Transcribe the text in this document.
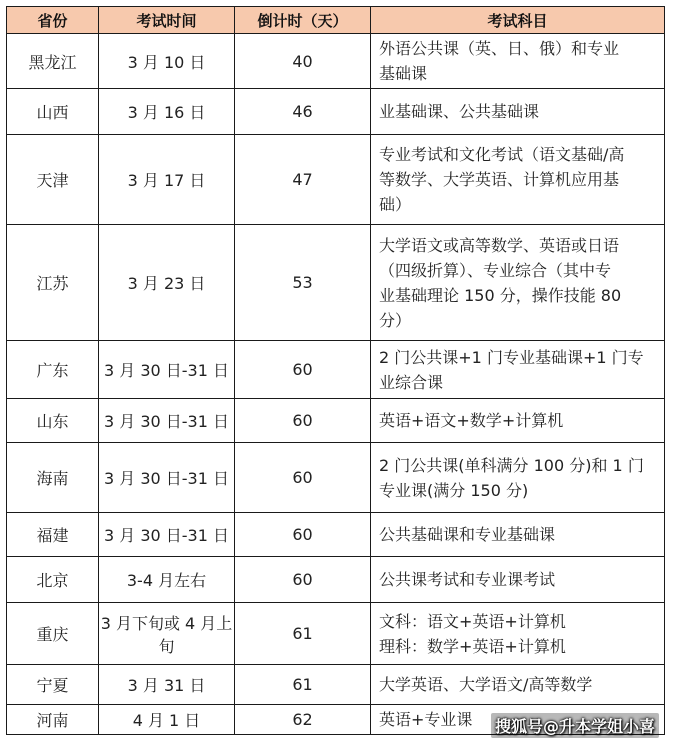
省份	考试时间	倒计时（天）	考试科目
黑龙江	3 月 10 日	40	外语公共课（英、日、俄）和专业
基础课

山西	3 月 16 日	46	业基础课、公共基础课

天津	3 月 17 日	47	专业考试和文化考试（语文基础/高
等数学、大学英语、计算机应用基
础）

江苏	3 月 23 日	53	大学语文或高等数学、英语或日语
（四级折算）、专业综合（其中专
业基础理论 150 分，操作技能 80
分）

广东	3 月 30 日-31 日	60	2 门公共课+1 门专业基础课+1 门专
业综合课

山东	3 月 30 日-31 日	60	英语+语文+数学+计算机

海南	3 月 30 日-31 日	60	2 门公共课(单科满分 100 分)和 1 门
专业课(满分 150 分)

福建	3 月 30 日-31 日	60	公共基础课和专业基础课

北京	3-4 月左右	60	公共课考试和专业课考试

重庆	3 月下旬或 4 月上旬	61	文科：语文+英语+计算机
理科：数学+英语+计算机

宁夏	3 月 31 日	61	大学英语、大学语文/高等数学

河南	4 月 1 日	62	英语+专业课	搜狐号@升本学姐小喜
